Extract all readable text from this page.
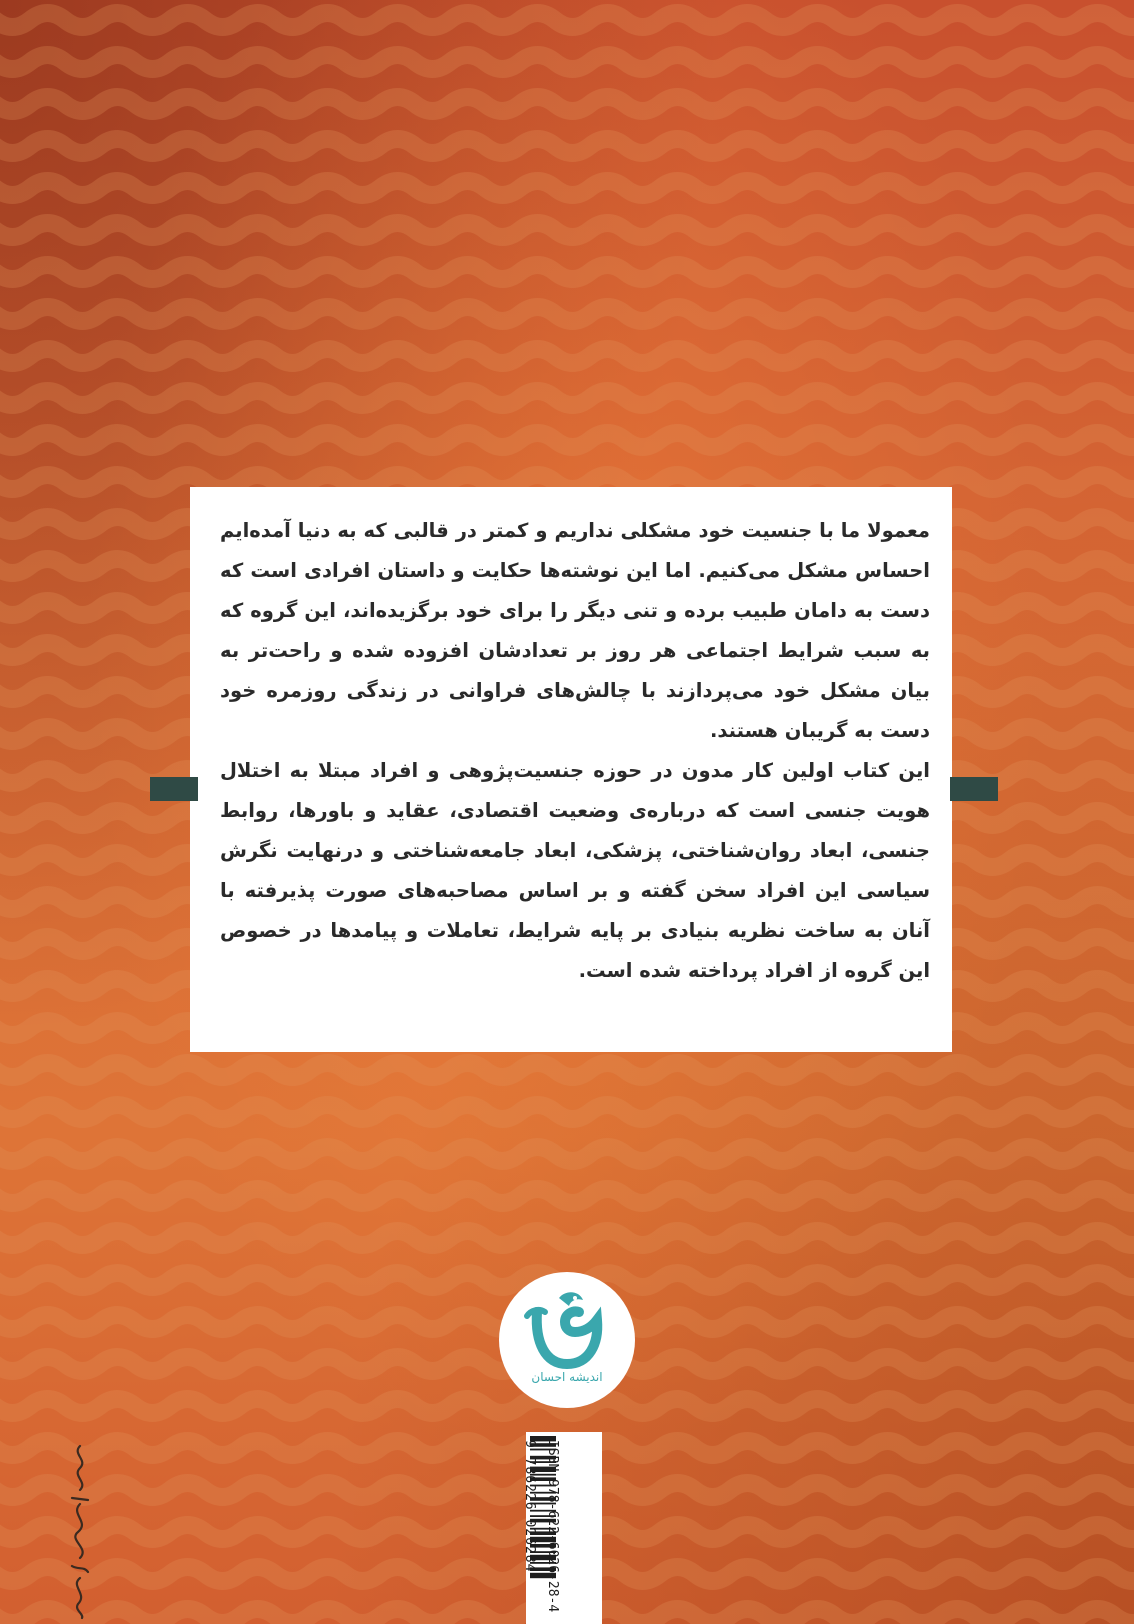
معمولا ما با جنسیت خود مشکلی نداریم و کمتر در قالبی که به دنیا آمده‌ایم احساس مشکل می‌کنیم. اما این نوشته‌ها حکایت و داستان افرادی است که دست به دامان طبیب برده و تنی دیگر را برای خود برگزیده‌اند، این گروه که به سبب شرایط اجتماعی هر روز بر تعدادشان افزوده شده و راحت‌تر به بیان مشکل خود می‌پردازند با چالش‌های فراوانی در زندگی روزمره خود دست به گریبان هستند.

این کتاب اولین کار مدون در حوزه جنسیت‌پژوهی و افراد مبتلا به اختلال هویت جنسی است که درباره‌ی وضعیت اقتصادی، عقاید و باورها، روابط جنسی، ابعاد روان‌شناختی، پزشکی، ابعاد جامعه‌شناختی و درنهایت نگرش سیاسی این افراد سخن گفته و بر اساس مصاحبه‌های صورت پذیرفته با آنان به ساخت نظریه بنیادی بر پایه شرایط، تعاملات و پیامدها در خصوص این گروه از افراد پرداخته شده است.

اندیشه احسان
ISBN 978-622-6026-28-4
9 786226 026284
